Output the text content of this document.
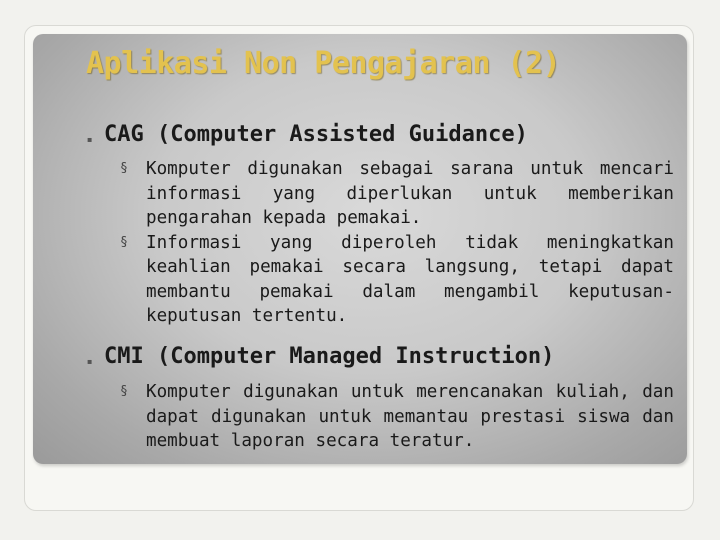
Aplikasi Non Pengajaran (2)
▪ CAG (Computer Assisted Guidance)
§ Komputer digunakan sebagai sarana untuk mencari informasi yang diperlukan untuk memberikan pengarahan kepada pemakai.
§ Informasi yang diperoleh tidak meningkatkan keahlian pemakai secara langsung, tetapi dapat membantu pemakai dalam mengambil keputusan-keputusan tertentu.
▪ CMI (Computer Managed Instruction)
§ Komputer digunakan untuk merencanakan kuliah, dan dapat digunakan untuk memantau prestasi siswa dan membuat laporan secara teratur.
